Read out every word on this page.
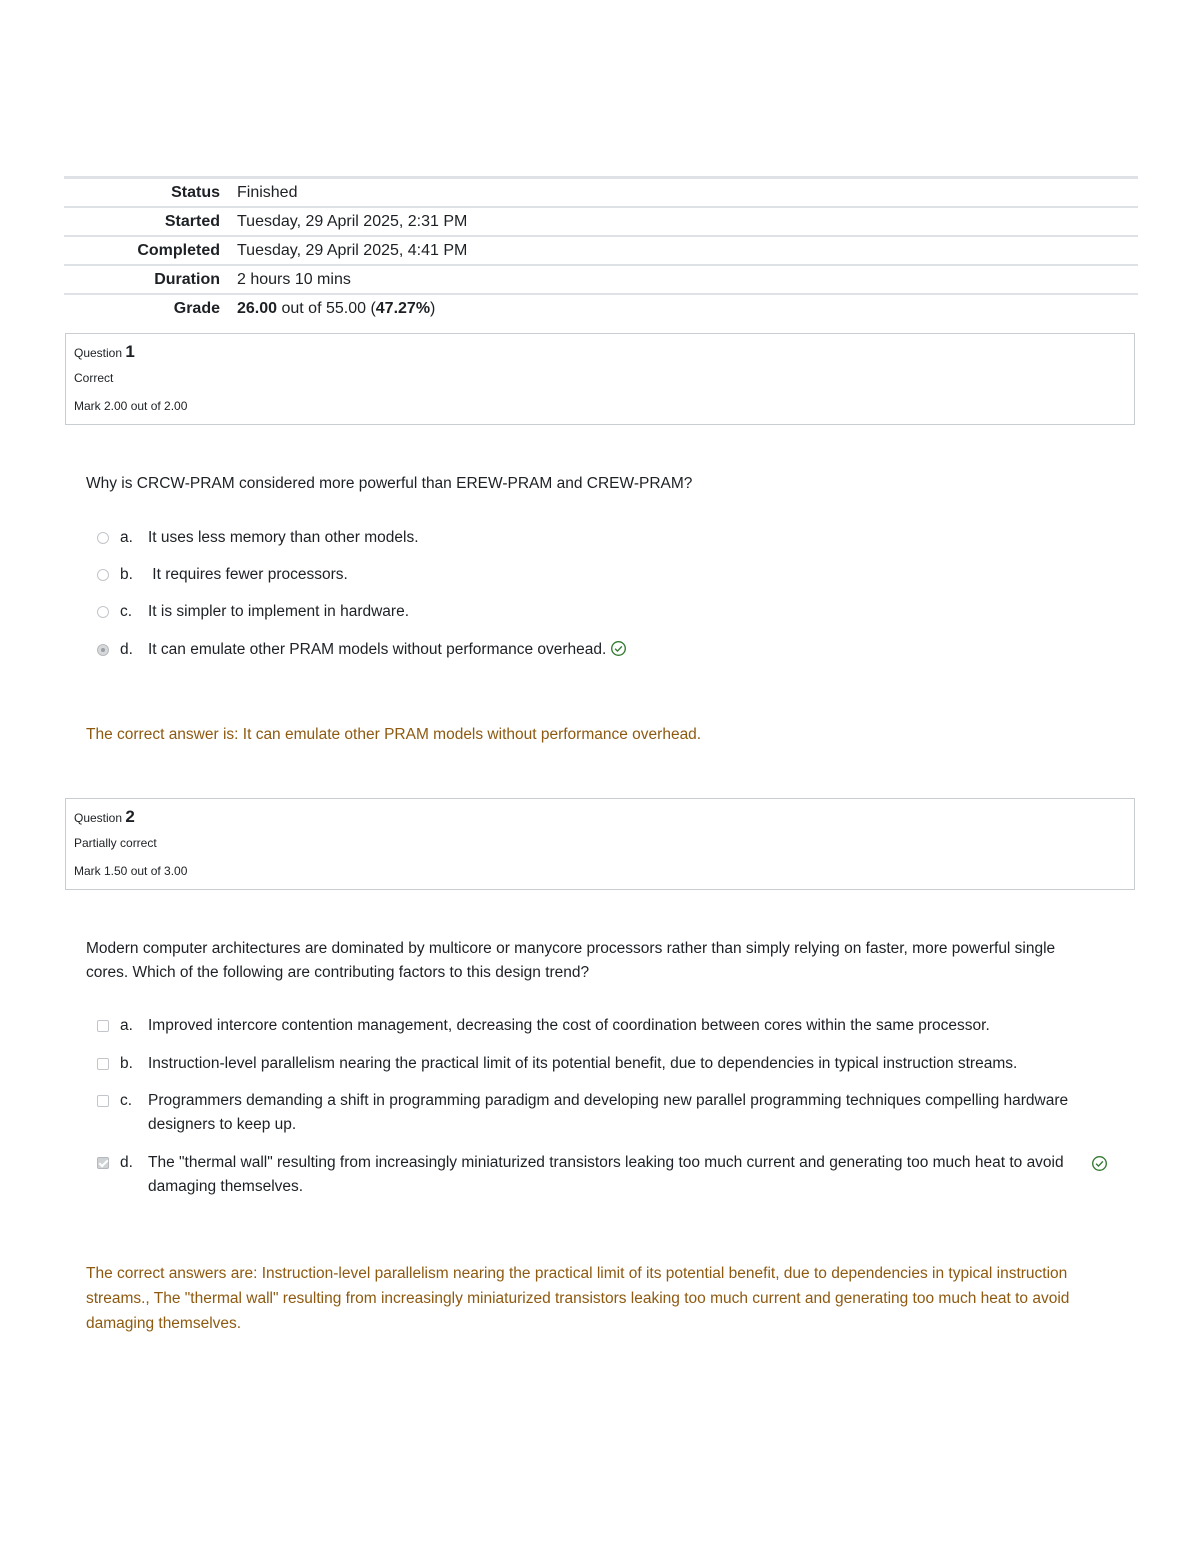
Status	Finished
Started	Tuesday, 29 April 2025, 2:31 PM
Completed	Tuesday, 29 April 2025, 4:41 PM
Duration	2 hours 10 mins
Grade	26.00 out of 55.00 (47.27%)
Question 1
Correct
Mark 2.00 out of 2.00
Why is CRCW-PRAM considered more powerful than EREW-PRAM and CREW-PRAM?
a. It uses less memory than other models.
b. It requires fewer processors.
c.	It is simpler to implement in hardware.
d. It can emulate other PRAM models without performance overhead.
The correct answer is: It can emulate other PRAM models without performance overhead.
Question 2
Partially correct
Mark 1.50 out of 3.00
Modern computer architectures are dominated by multicore or manycore processors rather than simply relying on faster, more powerful single cores. Which of the following are contributing factors to this design trend?
a. Improved intercore contention management, decreasing the cost of coordination between cores within the same processor.
b. Instruction-level parallelism nearing the practical limit of its potential benefit, due to dependencies in typical instruction streams.
c.	Programmers demanding a shift in programming paradigm and developing new parallel programming techniques compelling hardware designers to keep up.
d. The "thermal wall" resulting from increasingly miniaturized transistors leaking too much current and generating too much heat to avoid damaging themselves.
The correct answers are: Instruction-level parallelism nearing the practical limit of its potential benefit, due to dependencies in typical instruction streams., The "thermal wall" resulting from increasingly miniaturized transistors leaking too much current and generating too much heat to avoid damaging themselves.
